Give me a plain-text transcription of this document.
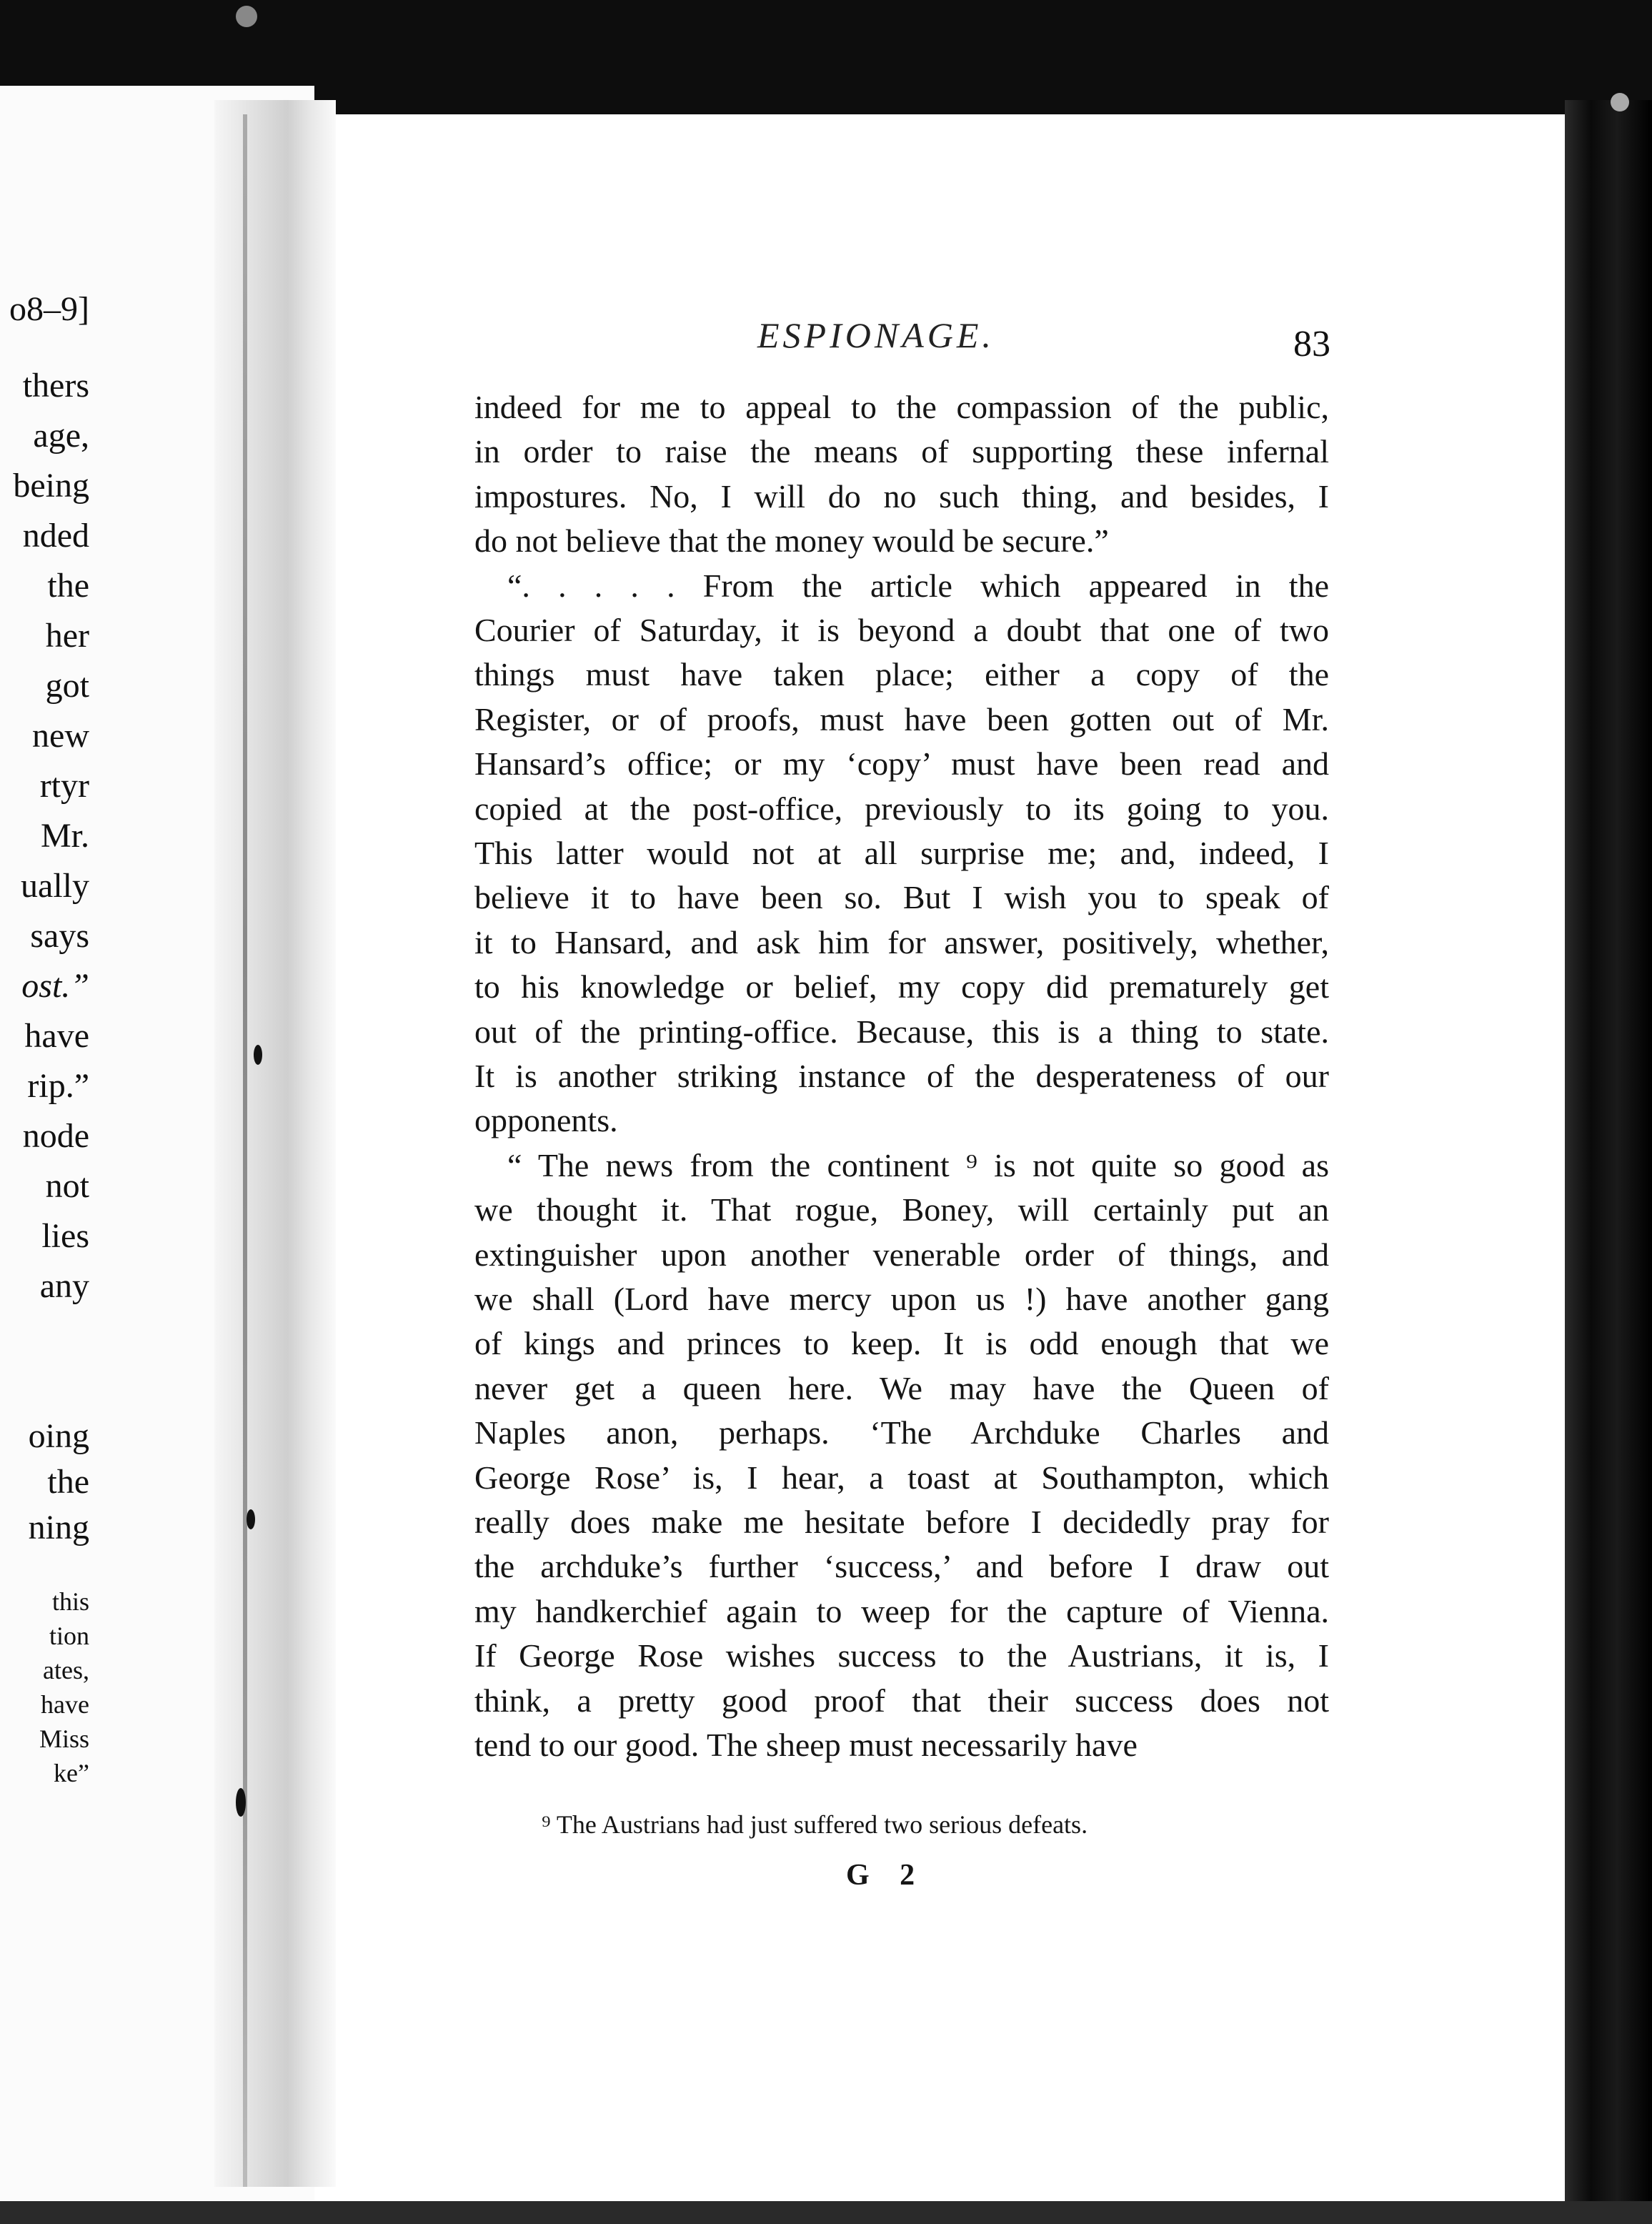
o8–9]
thers
age,
being
nded
the
her
got
new
rtyr
Mr.
ually
says
ost.”
have
rip.”
node
not
lies
any
oing
the
ning
this
tion
ates,
have
Miss
ke”
ESPIONAGE.	83
indeed for me to appeal to the compassion of the public,
in order to raise the means of supporting these infernal
impostures. No, I will do no such thing, and besides, I
do not believe that the money would be secure.”
“. . . . . From the article which appeared in the
Courier of Saturday, it is beyond a doubt that one of two
things must have taken place; either a copy of the
Register, or of proofs, must have been gotten out of Mr.
Hansard’s office; or my ‘copy’ must have been read and
copied at the post-office, previously to its going to you.
This latter would not at all surprise me; and, indeed, I
believe it to have been so. But I wish you to speak of
it to Hansard, and ask him for answer, positively, whether,
to his knowledge or belief, my copy did prematurely get
out of the printing-office. Because, this is a thing to state.
It is another striking instance of the desperateness of our
opponents.
“ The news from the continent ⁹ is not quite so good as
we thought it. That rogue, Boney, will certainly put an
extinguisher upon another venerable order of things, and
we shall (Lord have mercy upon us !) have another gang
of kings and princes to keep. It is odd enough that we
never get a queen here. We may have the Queen of
Naples anon, perhaps. ‘The Archduke Charles and
George Rose’ is, I hear, a toast at Southampton, which
really does make me hesitate before I decidedly pray for
the archduke’s further ‘success,’ and before I draw out
my handkerchief again to weep for the capture of Vienna.
If George Rose wishes success to the Austrians, it is, I
think, a pretty good proof that their success does not
tend to our good. The sheep must necessarily have
⁹ The Austrians had just suffered two serious defeats.
G 2
